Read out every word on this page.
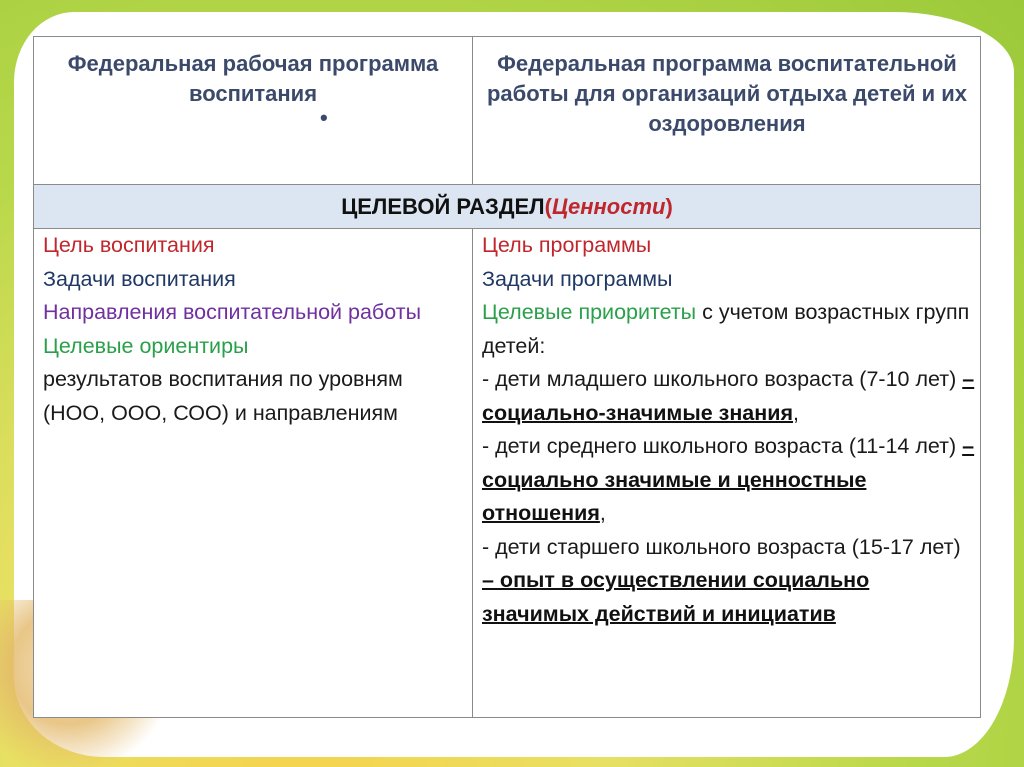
Федеральная рабочая программа воспитания
•
Федеральная программа воспитательной работы для организаций отдыха детей и их оздоровления
ЦЕЛЕВОЙ РАЗДЕЛ ( Ценности )
Цель воспитания
Задачи воспитания
Направления воспитательной работы
Целевые ориентиры
результатов воспитания по уровням (НОО, ООО, СОО) и направлениям
Цель программы
Задачи программы
Целевые приоритеты с учетом возрастных групп детей:
- дети младшего школьного возраста (7-10 лет) – социально-значимые знания,
- дети среднего школьного возраста (11-14 лет) – социально значимые и ценностные отношения,
- дети старшего школьного возраста (15-17 лет) – опыт в осуществлении социально значимых действий и инициатив
